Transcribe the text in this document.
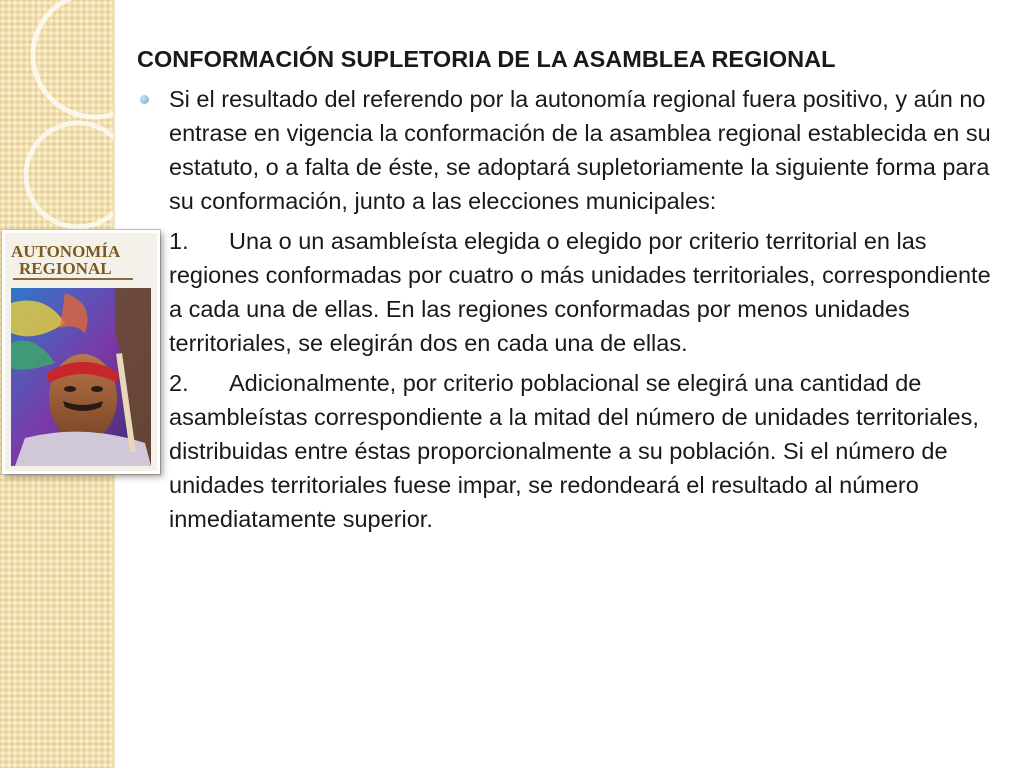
AUTONOMÍA
REGIONAL
CONFORMACIÓN SUPLETORIA DE LA ASAMBLEA REGIONAL

Si el resultado del referendo por la autonomía regional fuera positivo, y aún no entrase en vigencia la conformación de la asamblea regional establecida en su estatuto, o a falta de éste, se adoptará supletoriamente la siguiente forma para su conformación, junto a las elecciones municipales:

1. Una o un asambleísta elegida o elegido por criterio territorial en las regiones conformadas por cuatro o más unidades territoriales, correspondiente a cada una de ellas. En las regiones conformadas por menos unidades territoriales, se elegirán dos en cada una de ellas.

2. Adicionalmente, por criterio poblacional se elegirá una cantidad de asambleístas correspondiente a la mitad del número de unidades territoriales, distribuidas entre éstas proporcionalmente a su población. Si el número de unidades territoriales fuese impar, se redondeará el resultado al número inmediatamente superior.
